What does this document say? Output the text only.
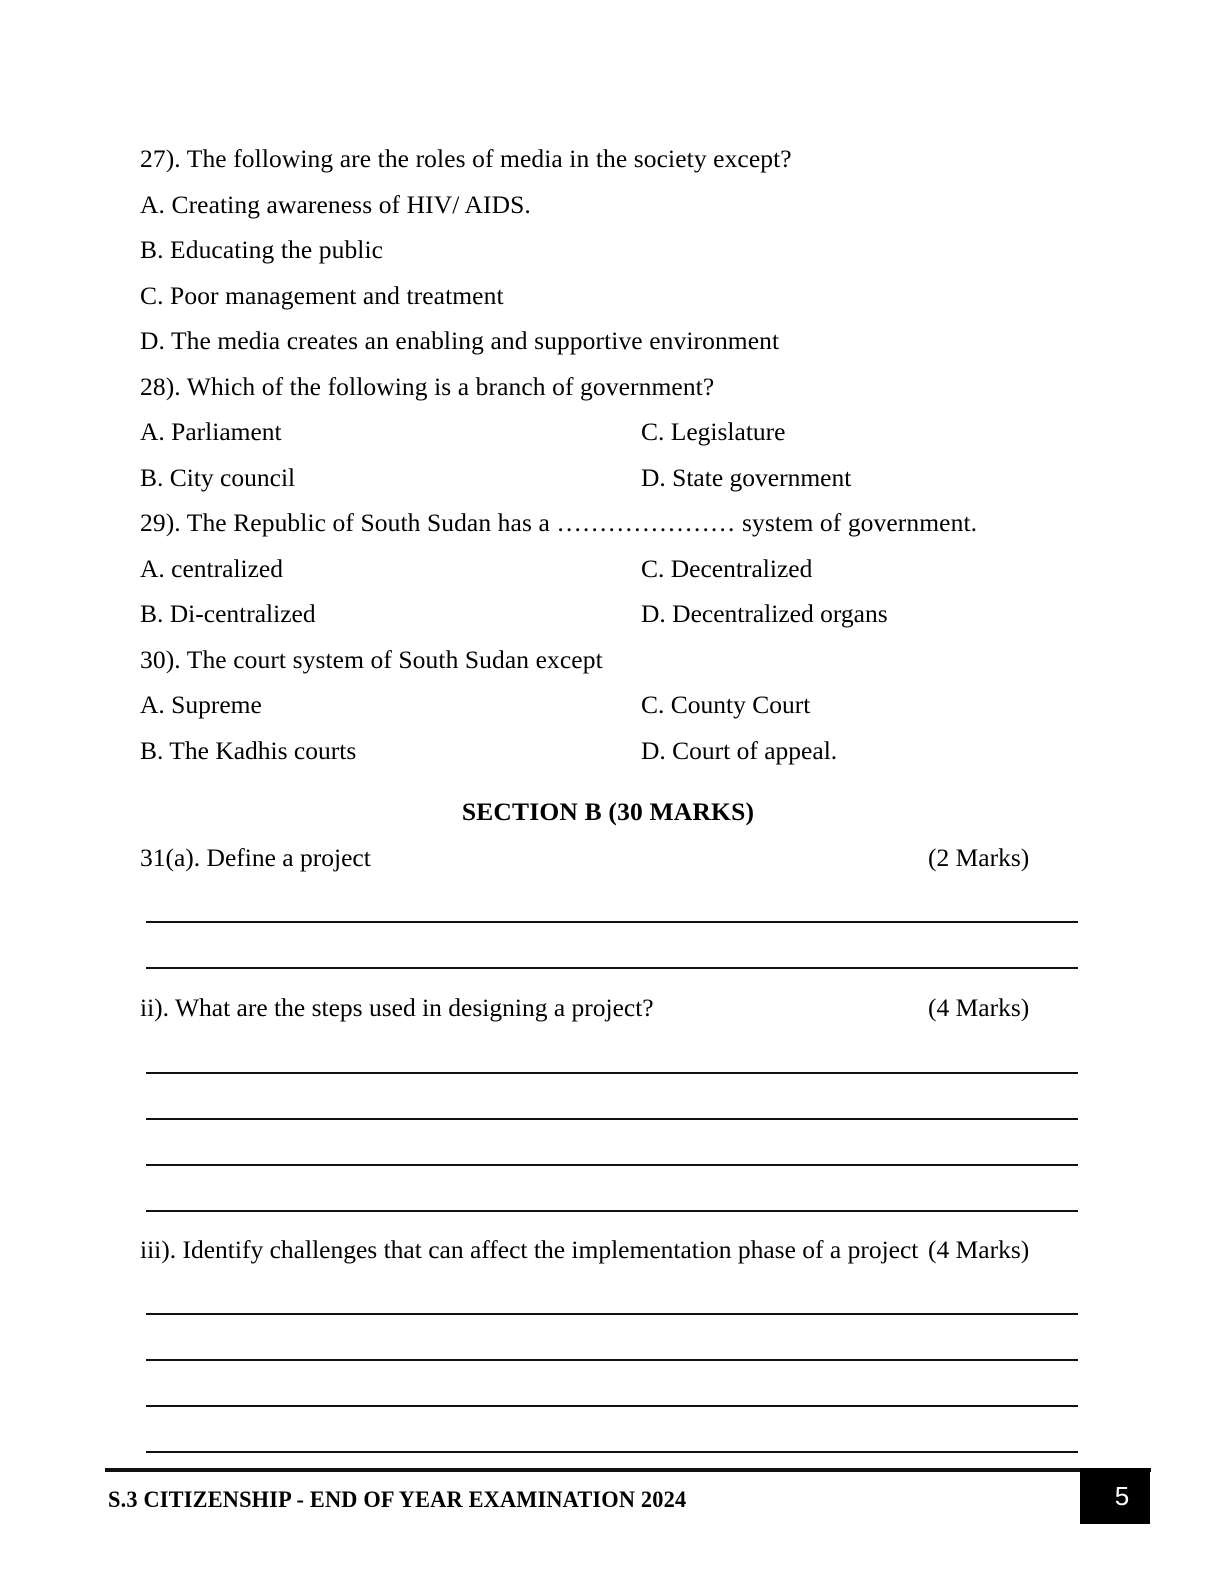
27). The following are the roles of media in the society except?
A. Creating awareness of HIV/ AIDS.
B. Educating the public
C. Poor management and treatment
D. The media creates an enabling and supportive environment
28). Which of the following is a branch of government?
A. Parliament	C. Legislature
B. City council	D. State government
29). The Republic of South Sudan has a ………………… system of government.
A. centralized	C. Decentralized
B. Di-centralized	D. Decentralized organs
30). The court system of South Sudan except
A. Supreme	C. County Court
B. The Kadhis courts	D. Court of appeal.
SECTION B (30 MARKS)
31(a). Define a project	(2 Marks)
ii). What are the steps used in designing a project?	(4 Marks)
iii). Identify challenges that can affect the implementation phase of a project (4 Marks)
S.3 CITIZENSHIP - END OF YEAR EXAMINATION 2024	5
